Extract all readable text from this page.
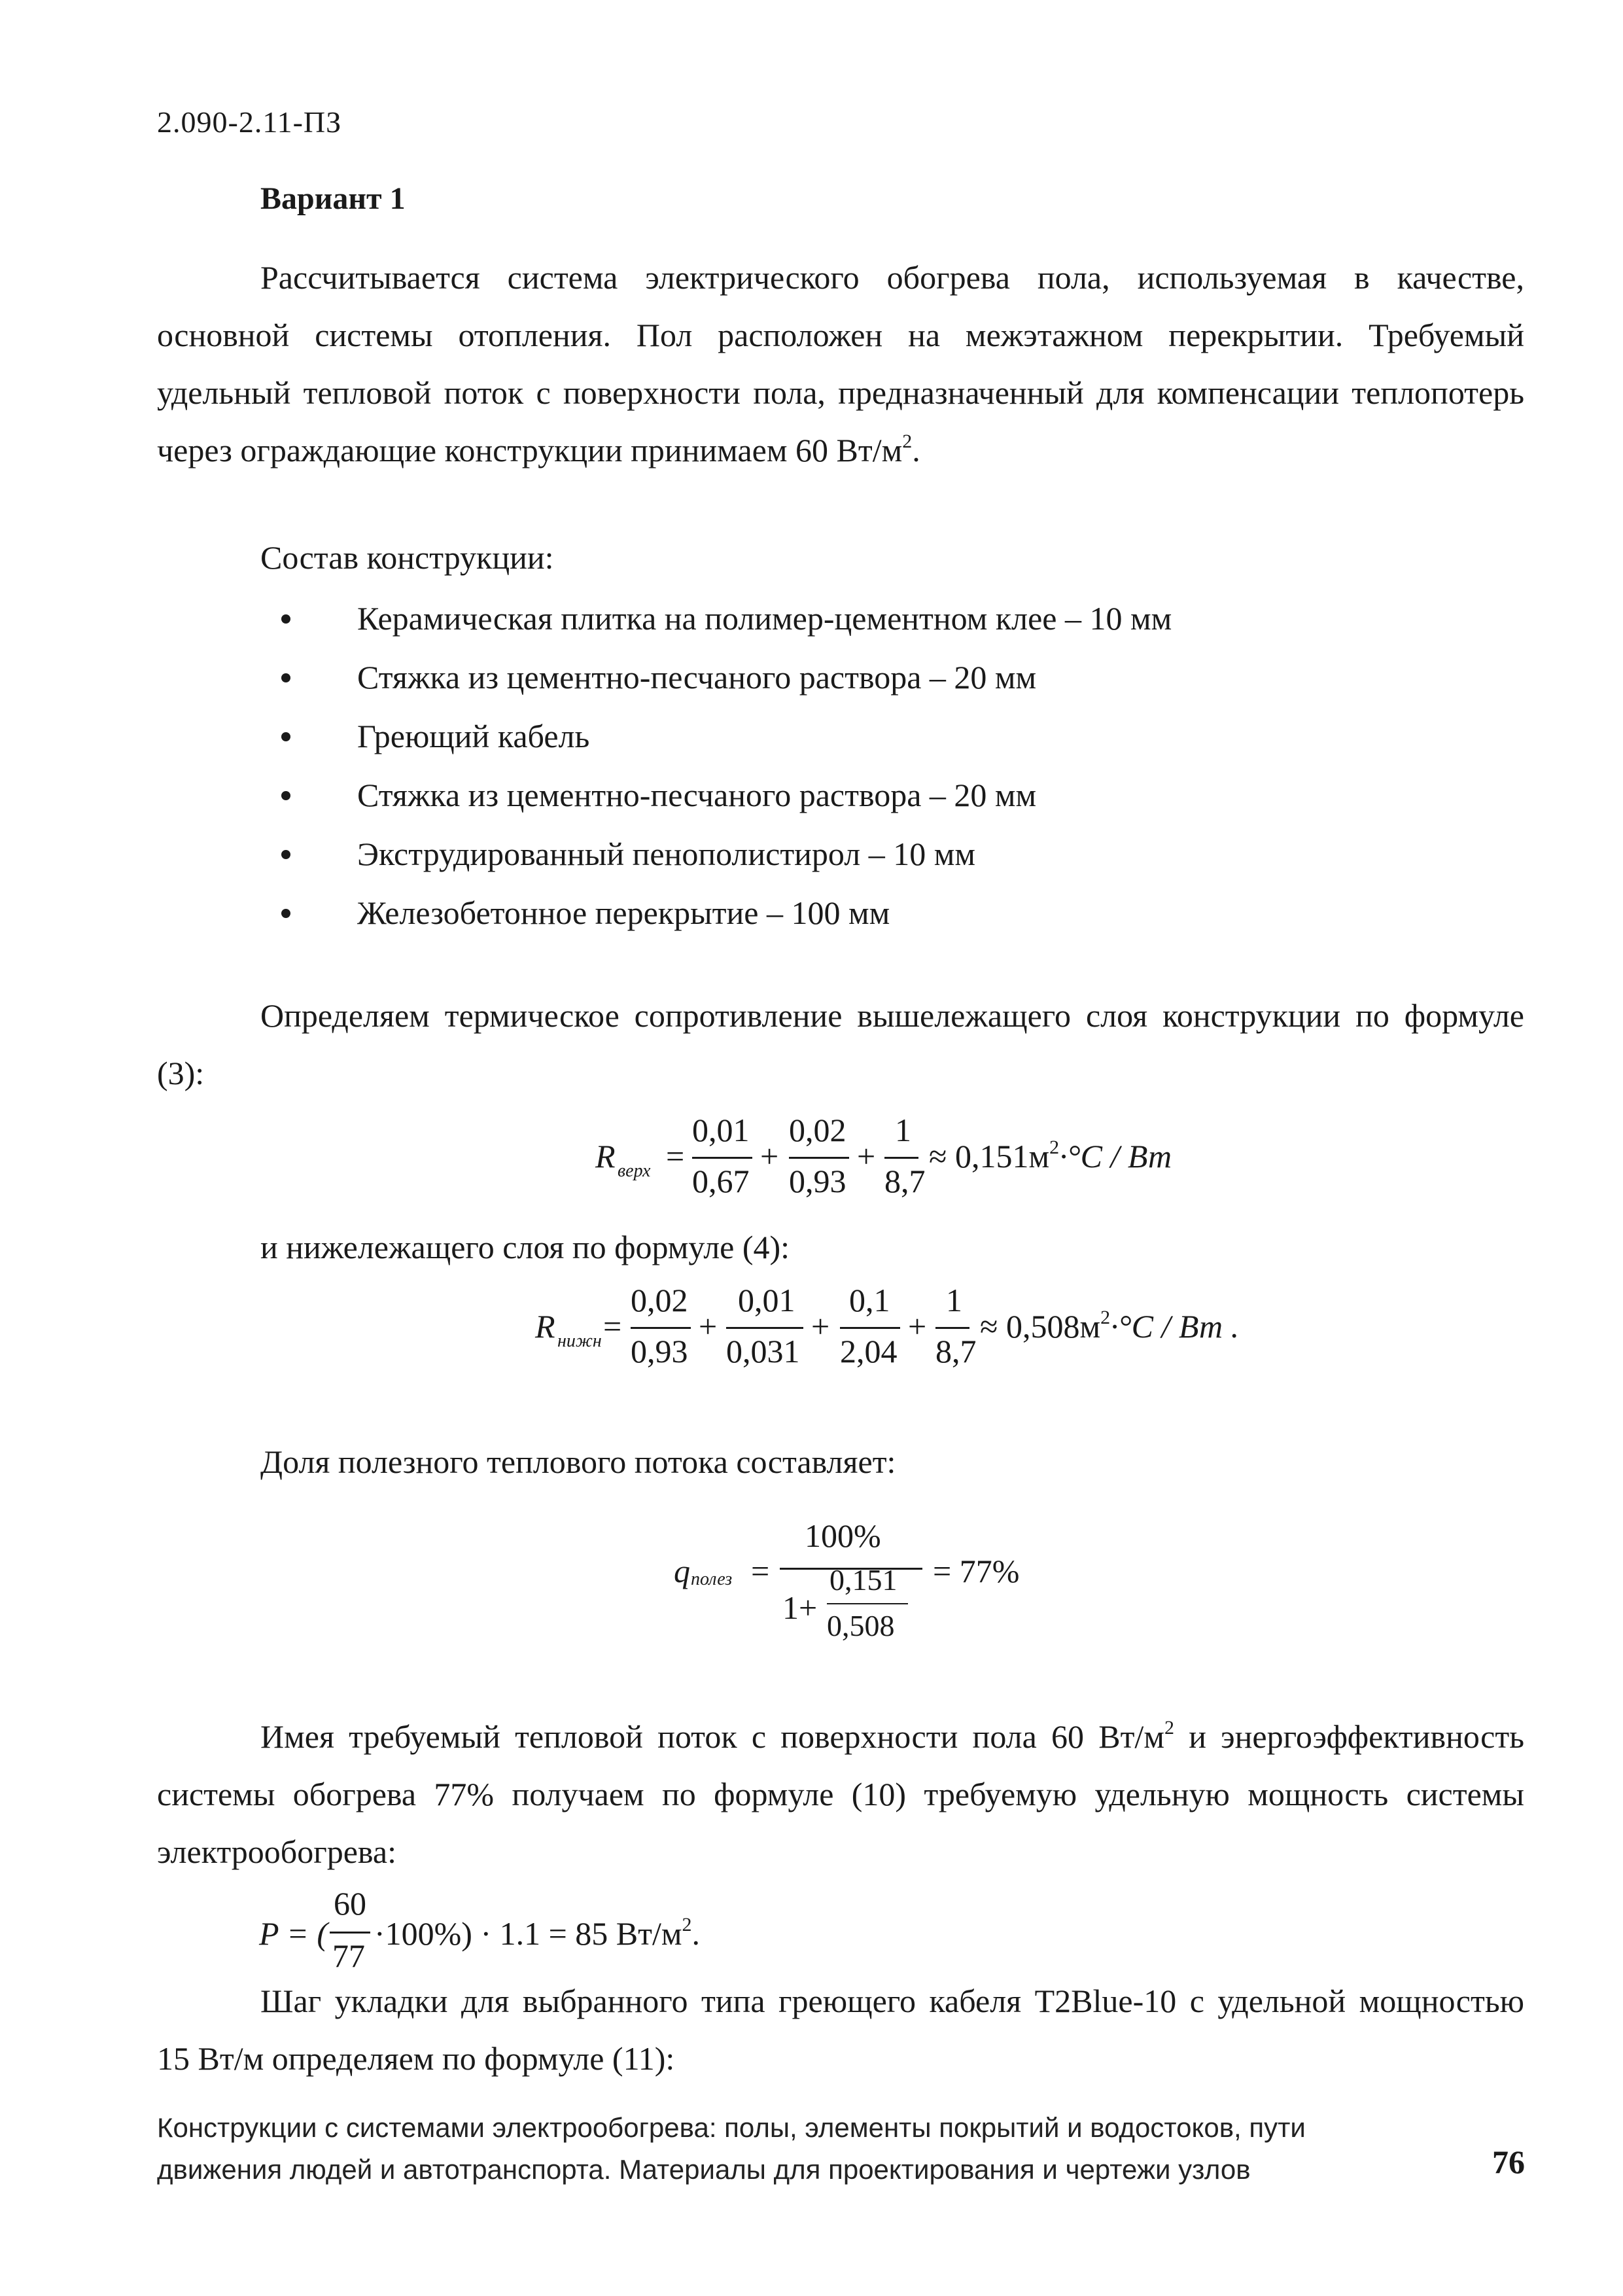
2.090-2.11-ПЗ
Вариант 1
Рассчитывается система электрического обогрева пола, используемая в качестве,
основной системы отопления. Пол расположен на межэтажном перекрытии. Требуемый
удельный тепловой поток с поверхности пола, предназначенный для компенсации теплопотерь
через ограждающие конструкции принимаем 60 $Вт/м^2$.
Состав конструкции:
Керамическая плитка на полимер-цементном клее – 10 мм
Стяжка из цементно-песчаного раствора – 20 мм
Греющий кабель
Стяжка из цементно-песчаного раствора – 20 мм
Экструдированный пенополистирол – 10 мм
Железобетонное перекрытие – 100 мм
Определяем термическое сопротивление вышележащего слоя конструкции по формуле
(3):
R верх =
0,01
0,67
+
0,02
0,93
+
1
8,7
≈ $0,151м^2\cdot^\circ C$ / Вт
и нижележащего слоя по формуле (4):
R нижн =
0,02
0,93
+
0,01
0,031
+
0,1
2,04
+
1
8,7
≈ $0,508м^2\cdot^\circ C$ / Вт .
Доля полезного теплового потока составляет:
q полез =
100%
1+
0,151
0,508
= 77%
Имея требуемый тепловой поток с поверхности пола 60 $Вт/м^2$ и энергоэффективность
системы обогрева 77% получаем по формуле (10) требуемую удельную мощность системы
электрообогрева:
P = (
60
77
·100%) · 1.1 = 85 $Вт/м^2$.
Шаг укладки для выбранного типа греющего кабеля T2Blue-10 с удельной мощностью
15 Вт/м определяем по формуле (11):
Конструкции с системами электрообогрева: полы, элементы покрытий и водостоков, пути
движения людей и автотранспорта. Материалы для проектирования и чертежи узлов	76
